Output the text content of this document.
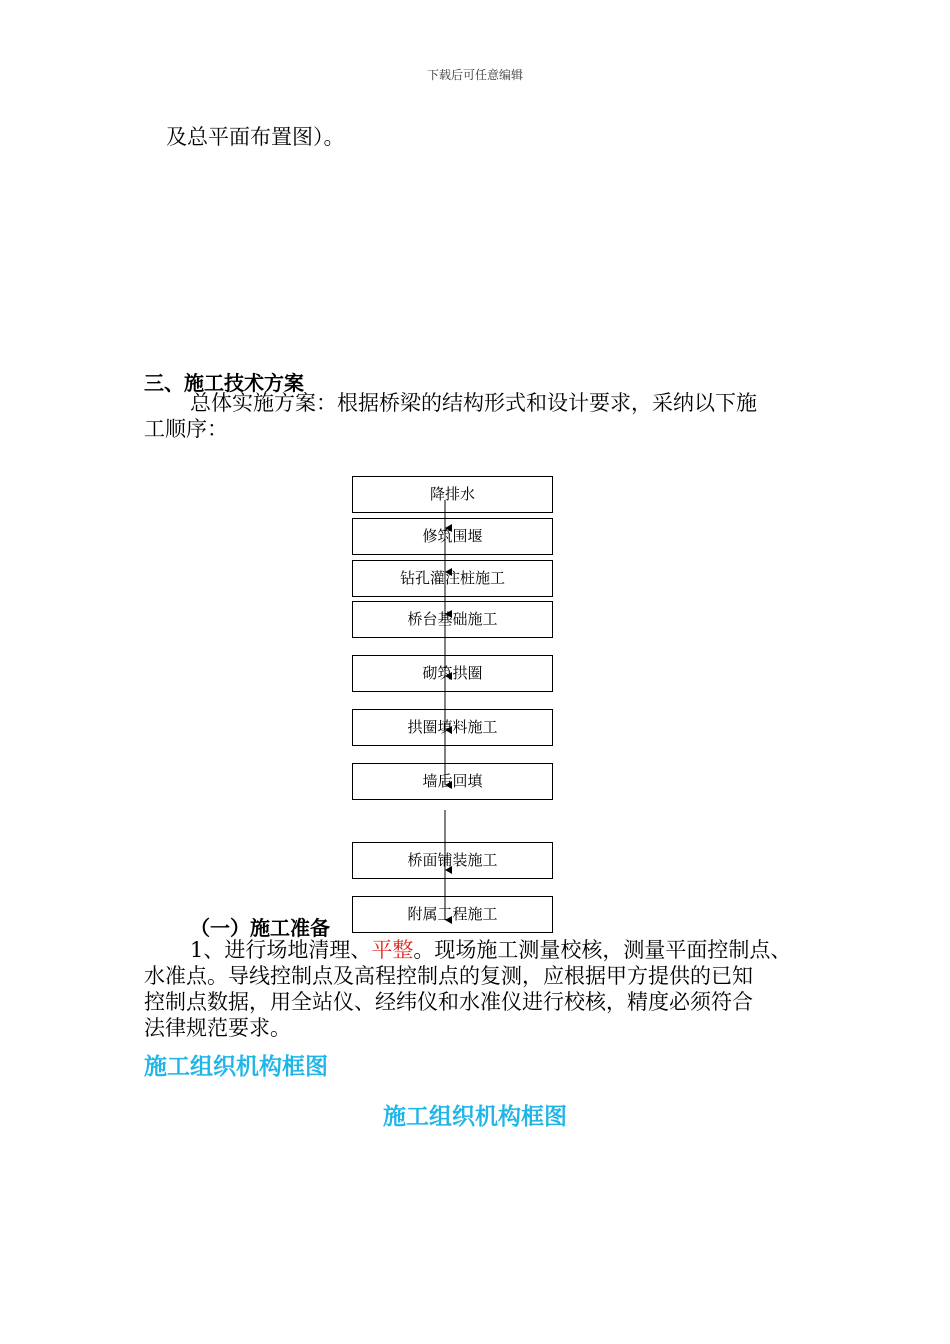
下载后可任意编辑
及总平面布置图）。
三、施工技术方案
总体实施方案：根据桥梁的结构形式和设计要求，采纳以下施
工顺序：
降排水
修筑围堰
钻孔灌注桩施工
桥台基础施工
砌筑拱圈
拱圈填料施工
墙后回填
桥面铺装施工
附属工程施工
（一）施工准备
1、进行场地清理、平整。现场施工测量校核，测量平面控制点、
水准点。导线控制点及高程控制点的复测，应根据甲方提供的已知
控制点数据，用全站仪、经纬仪和水准仪进行校核，精度必须符合
法律规范要求。
施工组织机构框图
施工组织机构框图
